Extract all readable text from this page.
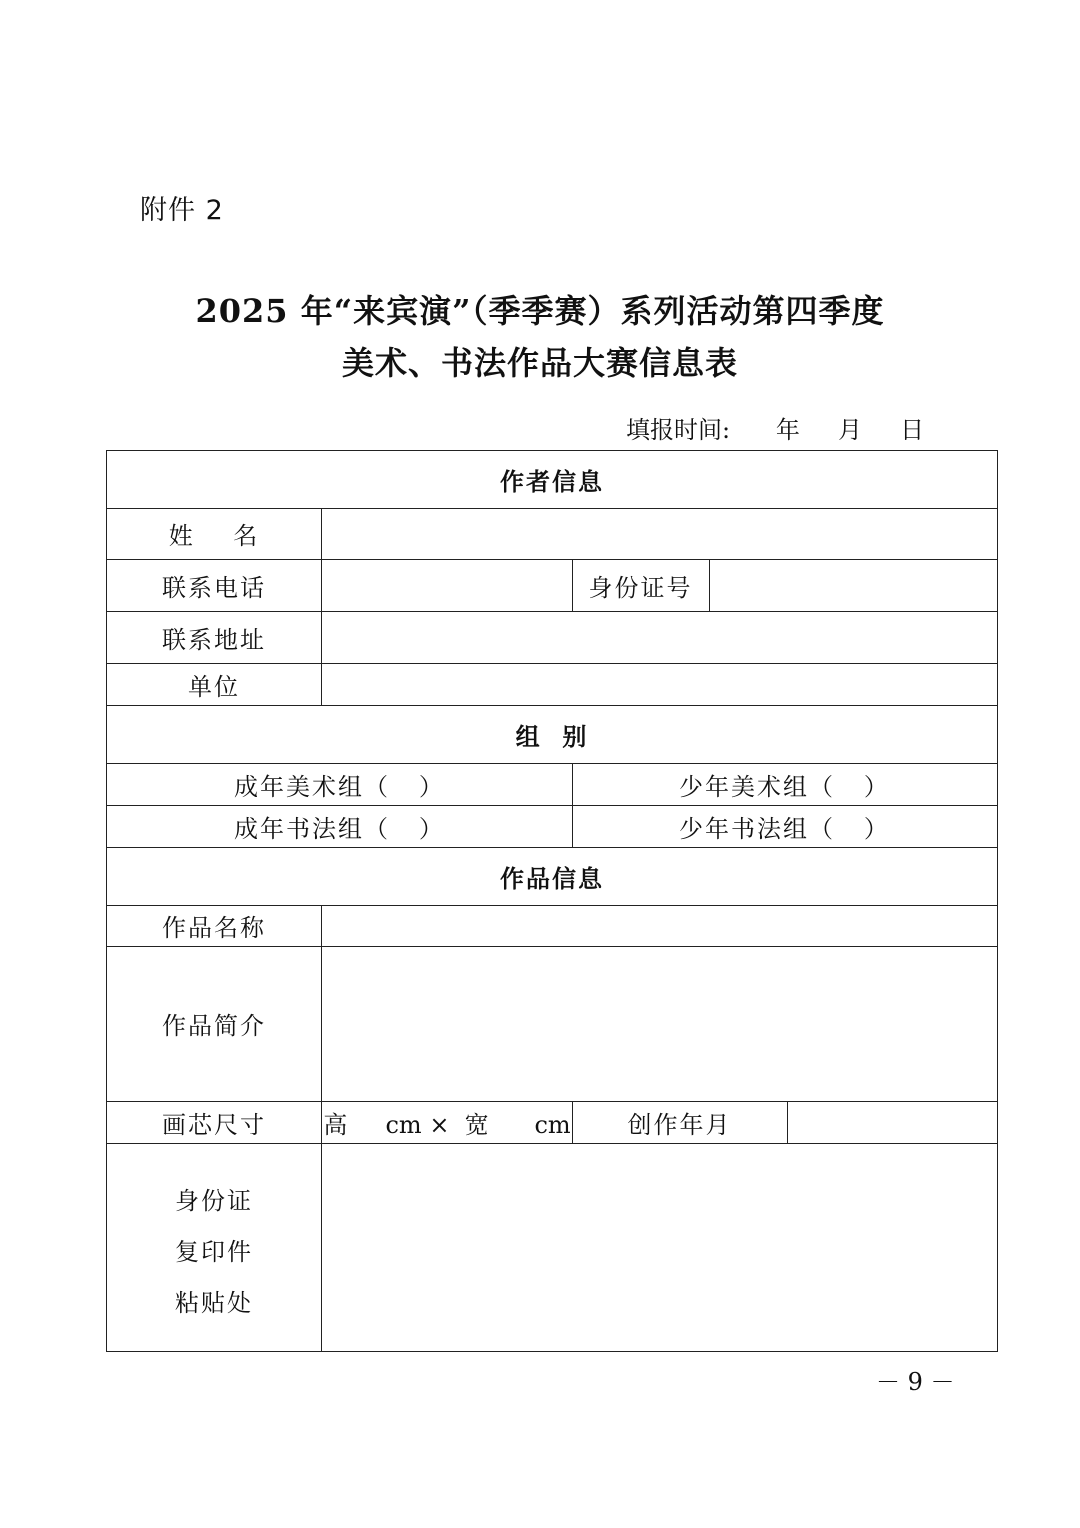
附件 2
2025 年“来宾演”（季季赛）系列活动第四季度
美术、书法作品大赛信息表
填报时间:      年     月     日
作者信息
姓    名
联系电话	身份证号
联系地址
单位
组  别
成年美术组（   ）	少年美术组（   ）
成年书法组（   ）	少年书法组（   ）
作品信息
作品名称
作品简介
画芯尺寸	高     cm ×  宽      cm	创作年月
身份证
复印件
粘贴处
－ 9 －
